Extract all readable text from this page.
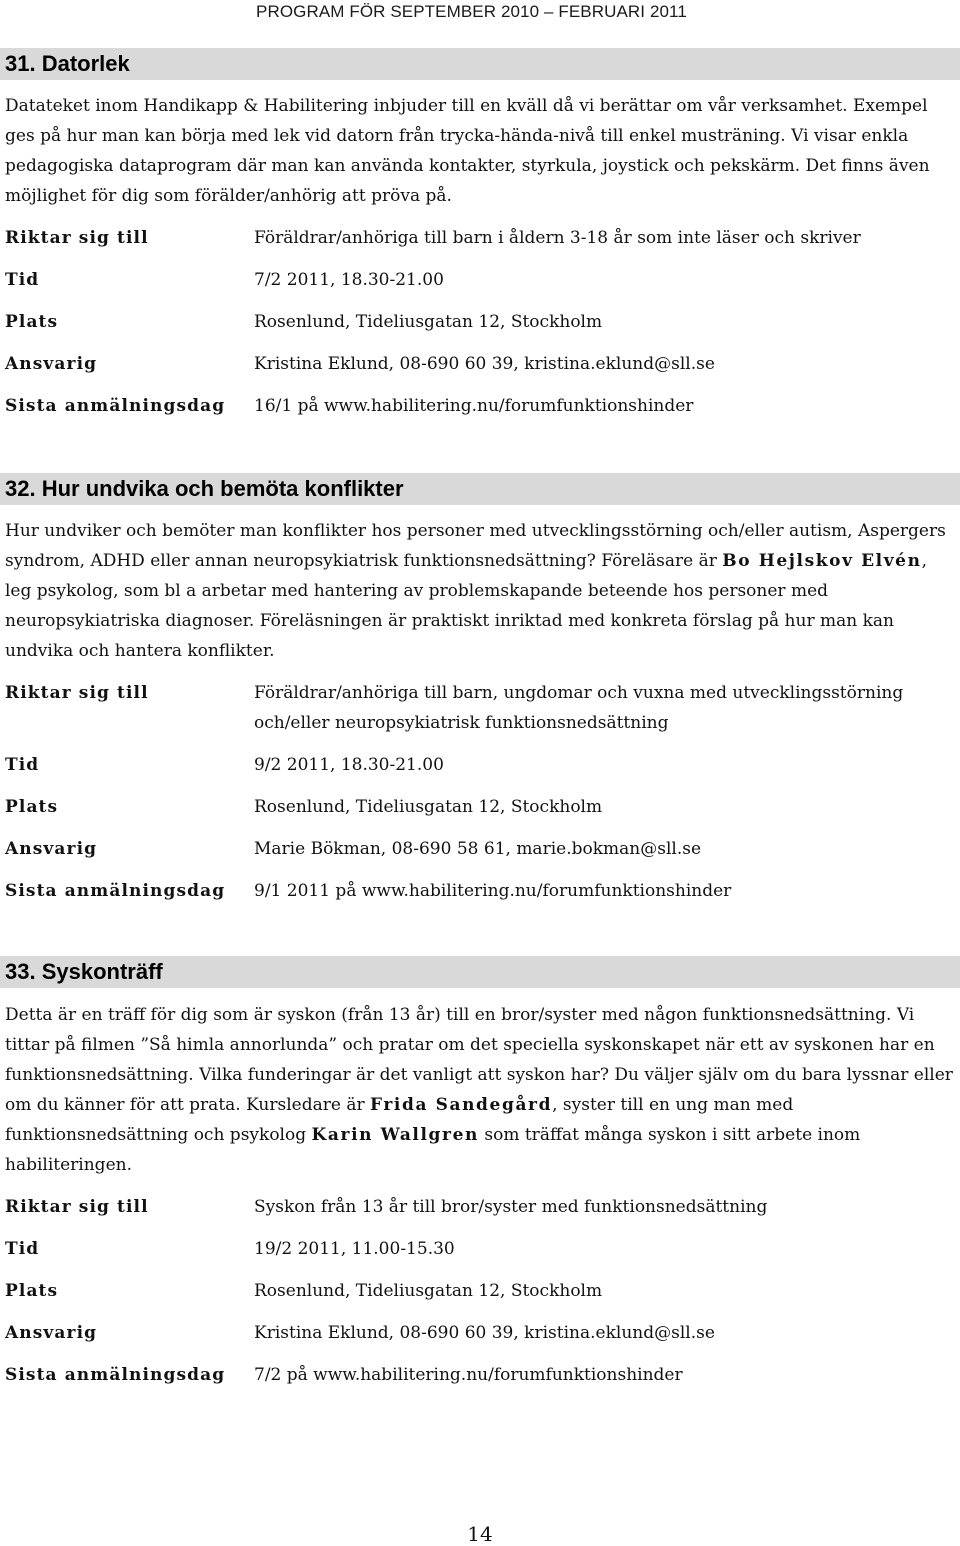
PROGRAM FÖR SEPTEMBER 2010 – FEBRUARI 2011
31. Datorlek

Datateket inom Handikapp & Habilitering inbjuder till en kväll då vi berättar om vår verksamhet. Exempel ges på hur man kan börja med lek vid datorn från trycka-hända-nivå till enkel musträning. Vi visar enkla pedagogiska dataprogram där man kan använda kontakter, styrkula, joystick och pekskärm. Det finns även möjlighet för dig som förälder/anhörig att pröva på.

Riktar sig till	Föräldrar/anhöriga till barn i åldern 3-18 år som inte läser och skriver
Tid	7/2 2011, 18.30-21.00
Plats	Rosenlund, Tideliusgatan 12, Stockholm
Ansvarig	Kristina Eklund, 08-690 60 39, kristina.eklund@sll.se
Sista anmälningsdag	16/1 på www.habilitering.nu/forumfunktionshinder
32. Hur undvika och bemöta konflikter

Hur undviker och bemöter man konflikter hos personer med utvecklingsstörning och/eller autism, Aspergers syndrom, ADHD eller annan neuropsykiatrisk funktionsnedsättning? Föreläsare är Bo Hejlskov Elvén, leg psykolog, som bl a arbetar med hantering av problemskapande beteende hos personer med neuropsykiatriska diagnoser. Föreläsningen är praktiskt inriktad med konkreta förslag på hur man kan undvika och hantera konflikter.

Riktar sig till	Föräldrar/anhöriga till barn, ungdomar och vuxna med utvecklingsstörning och/eller neuropsykiatrisk funktionsnedsättning
Tid	9/2 2011, 18.30-21.00
Plats	Rosenlund, Tideliusgatan 12, Stockholm
Ansvarig	Marie Bökman, 08-690 58 61, marie.bokman@sll.se
Sista anmälningsdag	9/1 2011 på www.habilitering.nu/forumfunktionshinder
33. Syskonträff

Detta är en träff för dig som är syskon (från 13 år) till en bror/syster med någon funktionsnedsättning. Vi tittar på filmen ”Så himla annorlunda” och pratar om det speciella syskonskapet när ett av syskonen har en funktionsnedsättning. Vilka funderingar är det vanligt att syskon har? Du väljer själv om du bara lyssnar eller om du känner för att prata. Kursledare är Frida Sandegård, syster till en ung man med funktionsnedsättning och psykolog Karin Wallgren som träffat många syskon i sitt arbete inom habiliteringen.

Riktar sig till	Syskon från 13 år till bror/syster med funktionsnedsättning
Tid	19/2 2011, 11.00-15.30
Plats	Rosenlund, Tideliusgatan 12, Stockholm
Ansvarig	Kristina Eklund, 08-690 60 39, kristina.eklund@sll.se
Sista anmälningsdag	7/2 på www.habilitering.nu/forumfunktionshinder
14
